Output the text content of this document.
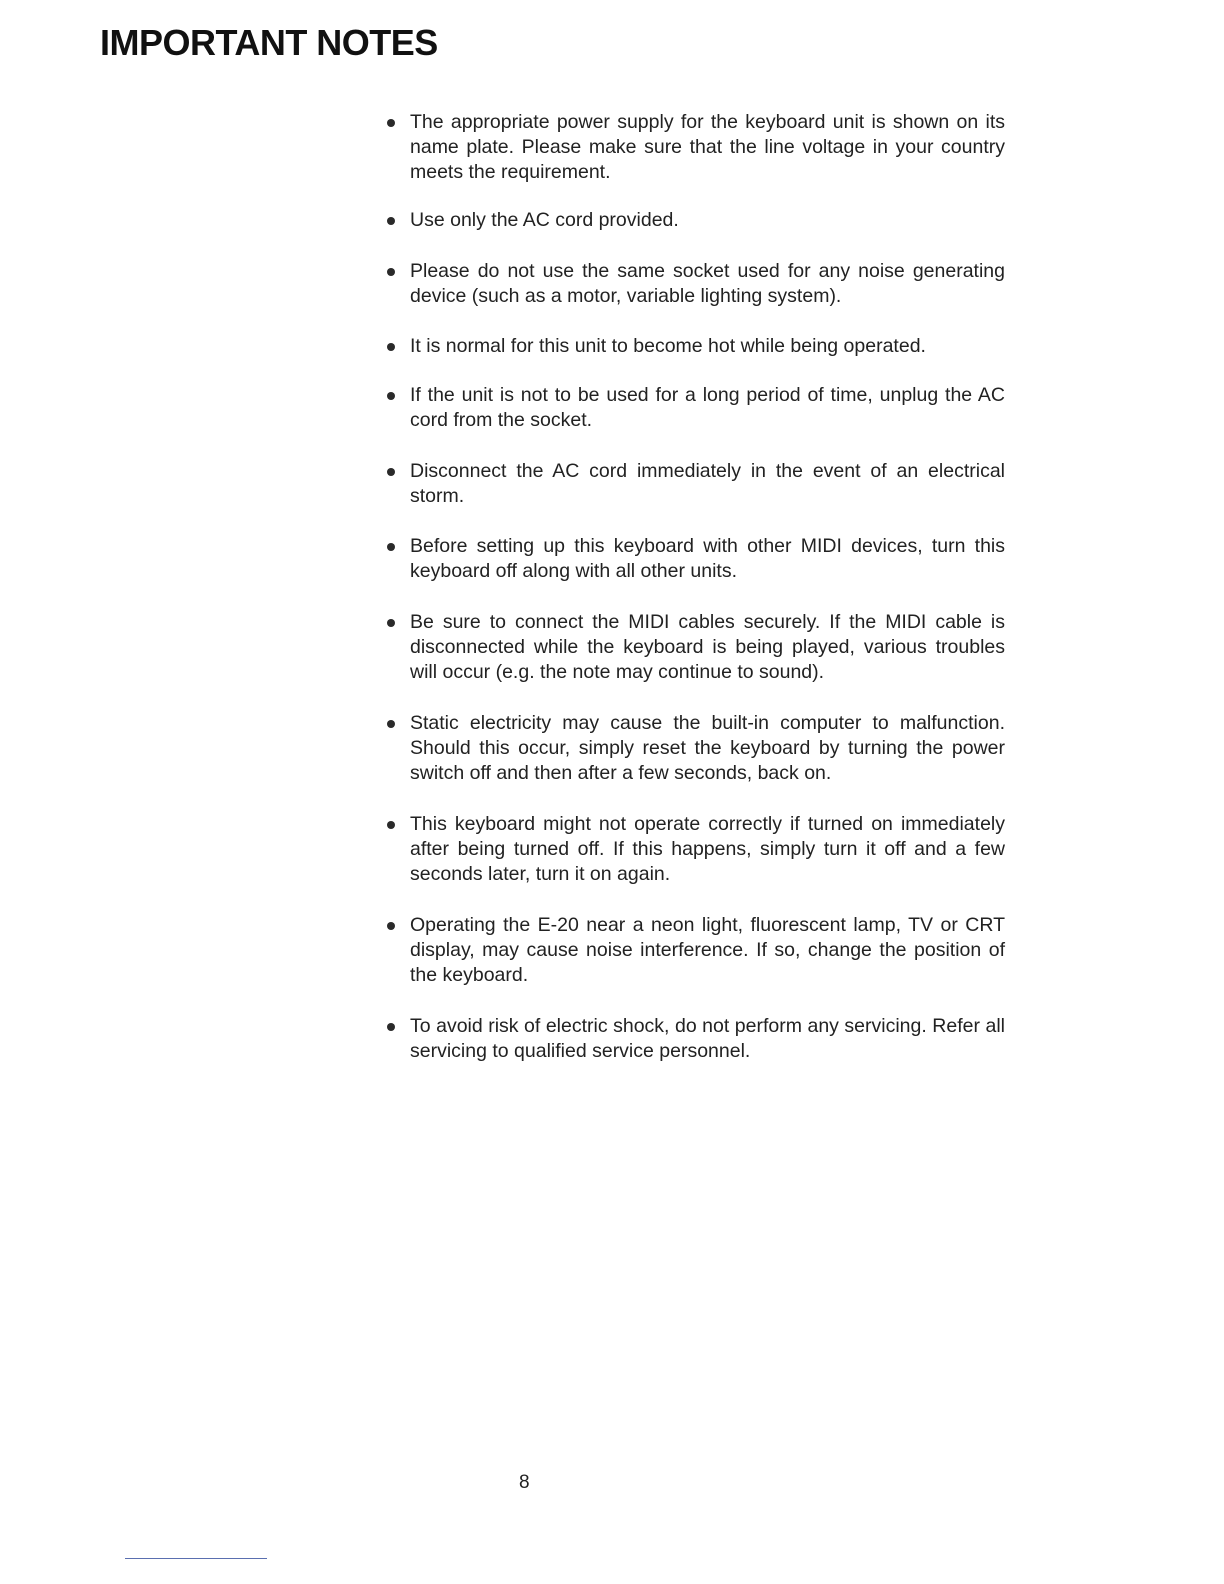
IMPORTANT NOTES
The appropriate power supply for the keyboard unit is shown on its name plate. Please make sure that the line voltage in your country meets the requirement.
Use only the AC cord provided.
Please do not use the same socket used for any noise generating device (such as a motor, variable lighting system).
It is normal for this unit to become hot while being operated.
If the unit is not to be used for a long period of time, unplug the AC cord from the socket.
Disconnect the AC cord immediately in the event of an electrical storm.
Before setting up this keyboard with other MIDI devices, turn this keyboard off along with all other units.
Be sure to connect the MIDI cables securely. If the MIDI cable is disconnected while the keyboard is being played, various troubles will occur (e.g. the note may continue to sound).
Static electricity may cause the built-in computer to malfunction. Should this occur, simply reset the keyboard by turning the power switch off and then after a few seconds, back on.
This keyboard might not operate correctly if turned on immediately after being turned off. If this happens, simply turn it off and a few seconds later, turn it on again.
Operating the E-20 near a neon light, fluorescent lamp, TV or CRT display, may cause noise interference. If so, change the position of the keyboard.
To avoid risk of electric shock, do not perform any servicing. Refer all servicing to qualified service personnel.
8
